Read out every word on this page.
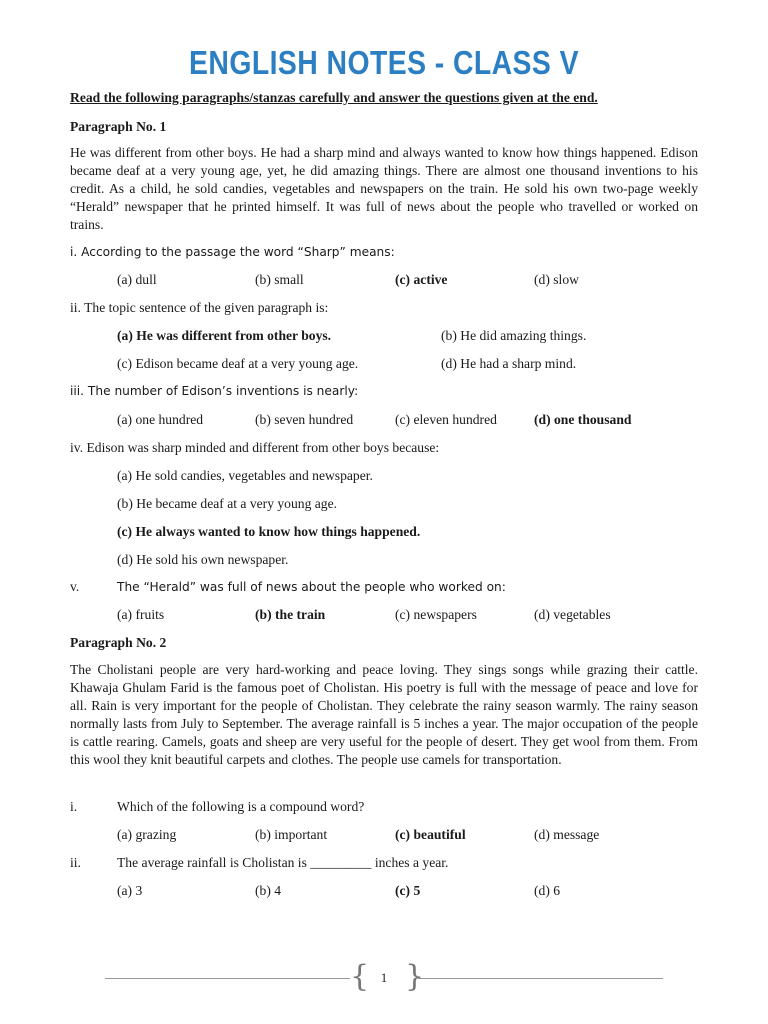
ENGLISH NOTES - CLASS V
Read the following paragraphs/stanzas carefully and answer the questions given at the end.
Paragraph No. 1
He was different from other boys. He had a sharp mind and always wanted to know how things happened. Edison became deaf at a very young age, yet, he did amazing things. There are almost one thousand inventions to his credit. As a child, he sold candies, vegetables and newspapers on the train. He sold his own two-page weekly “Herald” newspaper that he printed himself. It was full of news about the people who travelled or worked on trains.
i. According to the passage the word “Sharp” means:
(a) dull	(b) small	(c) active	(d) slow
ii. The topic sentence of the given paragraph is:
(a) He was different from other boys.	(b) He did amazing things.
(c) Edison became deaf at a very young age.	(d) He had a sharp mind.
iii. The number of Edison’s inventions is nearly:
(a) one hundred	(b) seven hundred	(c) eleven hundred	(d) one thousand
iv. Edison was sharp minded and different from other boys because:
(a) He sold candies, vegetables and newspaper.
(b) He became deaf at a very young age.
(c) He always wanted to know how things happened.
(d) He sold his own newspaper.
v.	The “Herald” was full of news about the people who worked on:
(a) fruits	(b) the train	(c) newspapers	(d) vegetables
Paragraph No. 2
The Cholistani people are very hard-working and peace loving. They sings songs while grazing their cattle. Khawaja Ghulam Farid is the famous poet of Cholistan. His poetry is full with the message of peace and love for all. Rain is very important for the people of Cholistan. They celebrate the rainy season warmly. The rainy season normally lasts from July to September. The average rainfall is 5 inches a year. The major occupation of the people is cattle rearing. Camels, goats and sheep are very useful for the people of desert. They get wool from them. From this wool they knit beautiful carpets and clothes. The people use camels for transportation.
i.	Which of the following is a compound word?
(a) grazing	(b) important	(c) beautiful	(d) message
ii.	The average rainfall is Cholistan is _________ inches a year.
(a) 3	(b) 4	(c) 5	(d) 6
{ }
1
